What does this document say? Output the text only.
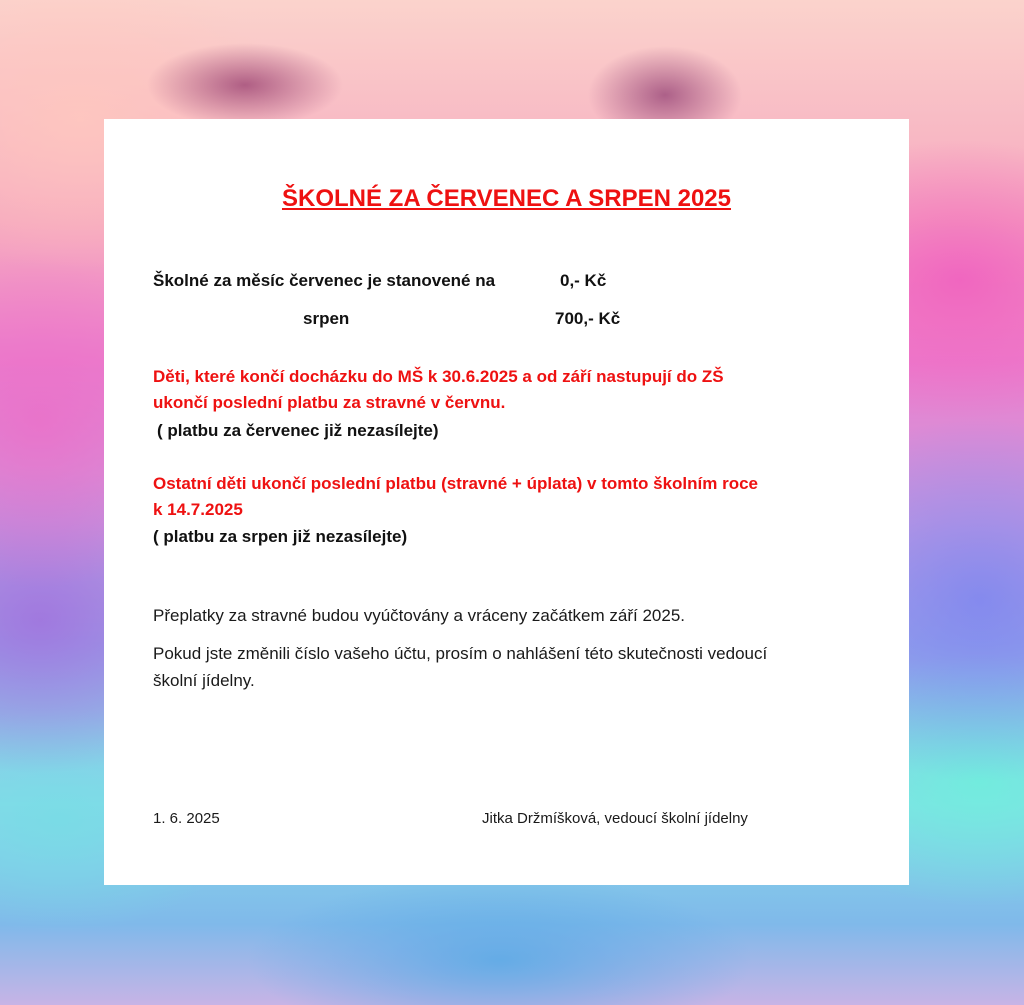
ŠKOLNÉ ZA ČERVENEC A SRPEN 2025
Školné za měsíc červenec je stanovené na	0,- Kč
srpen	700,- Kč
Děti, které končí docházku do MŠ k 30.6.2025 a od září nastupují do ZŠ
ukončí poslední platbu za stravné v červnu.
( platbu za červenec již nezasílejte)
Ostatní děti ukončí poslední platbu (stravné + úplata) v tomto školním roce
k 14.7.2025
( platbu za srpen již nezasílejte)
Přeplatky za stravné budou vyúčtovány a vráceny začátkem září 2025.
Pokud jste změnili číslo vašeho účtu, prosím o nahlášení této skutečnosti vedoucí
školní jídelny.
1. 6. 2025	Jitka Držmíšková, vedoucí školní jídelny
